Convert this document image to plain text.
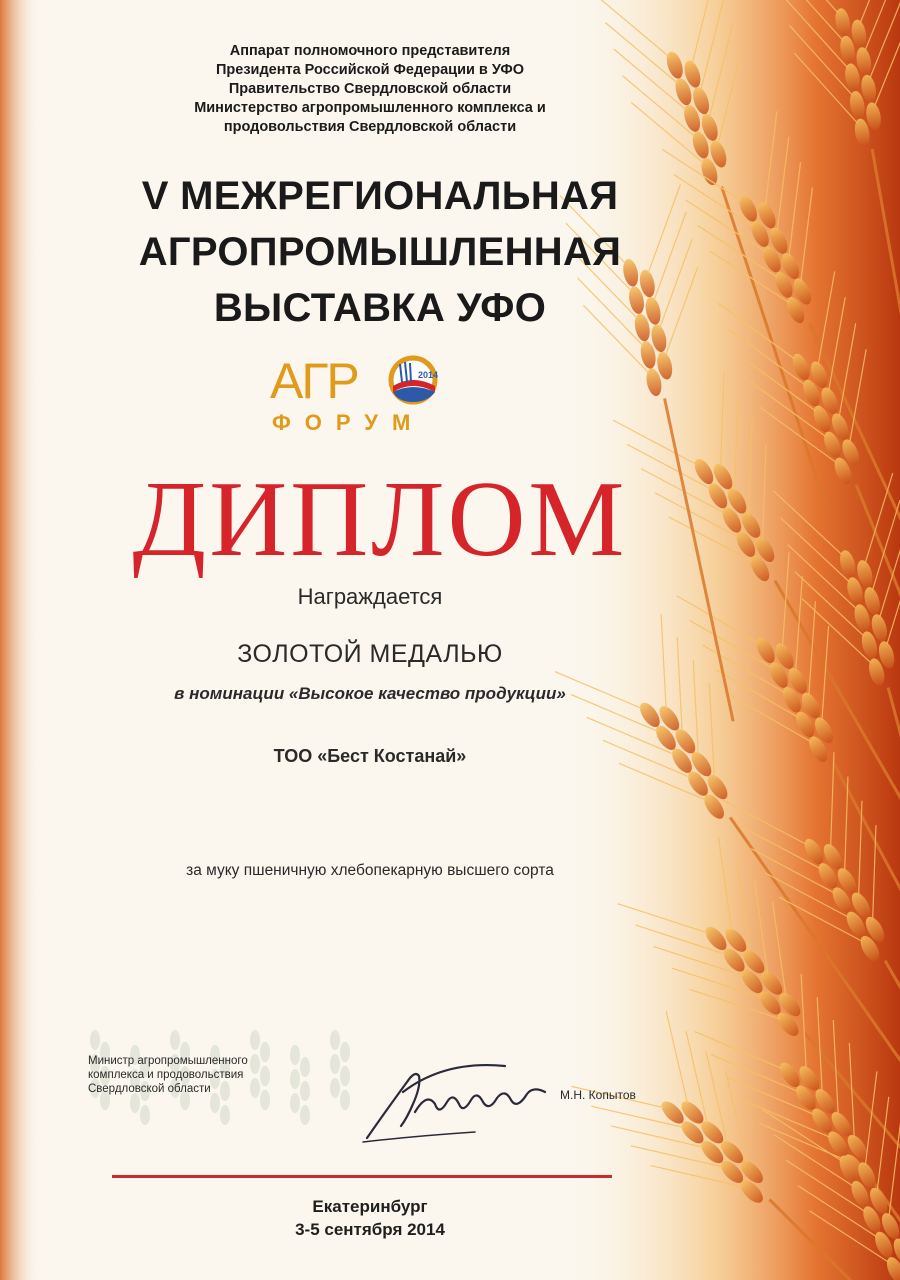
Аппарат полномочного представителя
Президента Российской Федерации в УФО
Правительство Свердловской области
Министерство агропромышленного комплекса и
продовольствия Свердловской области
V МЕЖРЕГИОНАЛЬНАЯ
АГРОПРОМЫШЛЕННАЯ
ВЫСТАВКА УФО
АГР	2014
ФОРУМ
ДИПЛОМ
Награждается
ЗОЛОТОЙ МЕДАЛЬЮ
в номинации «Высокое качество продукции»
ТОО «Бест Костанай»
за муку пшеничную хлебопекарную высшего сорта
Министр агропромышленного
комплекса и продовольствия
Свердловской области	М.Н. Копытов
Екатеринбург
3-5 сентября 2014
